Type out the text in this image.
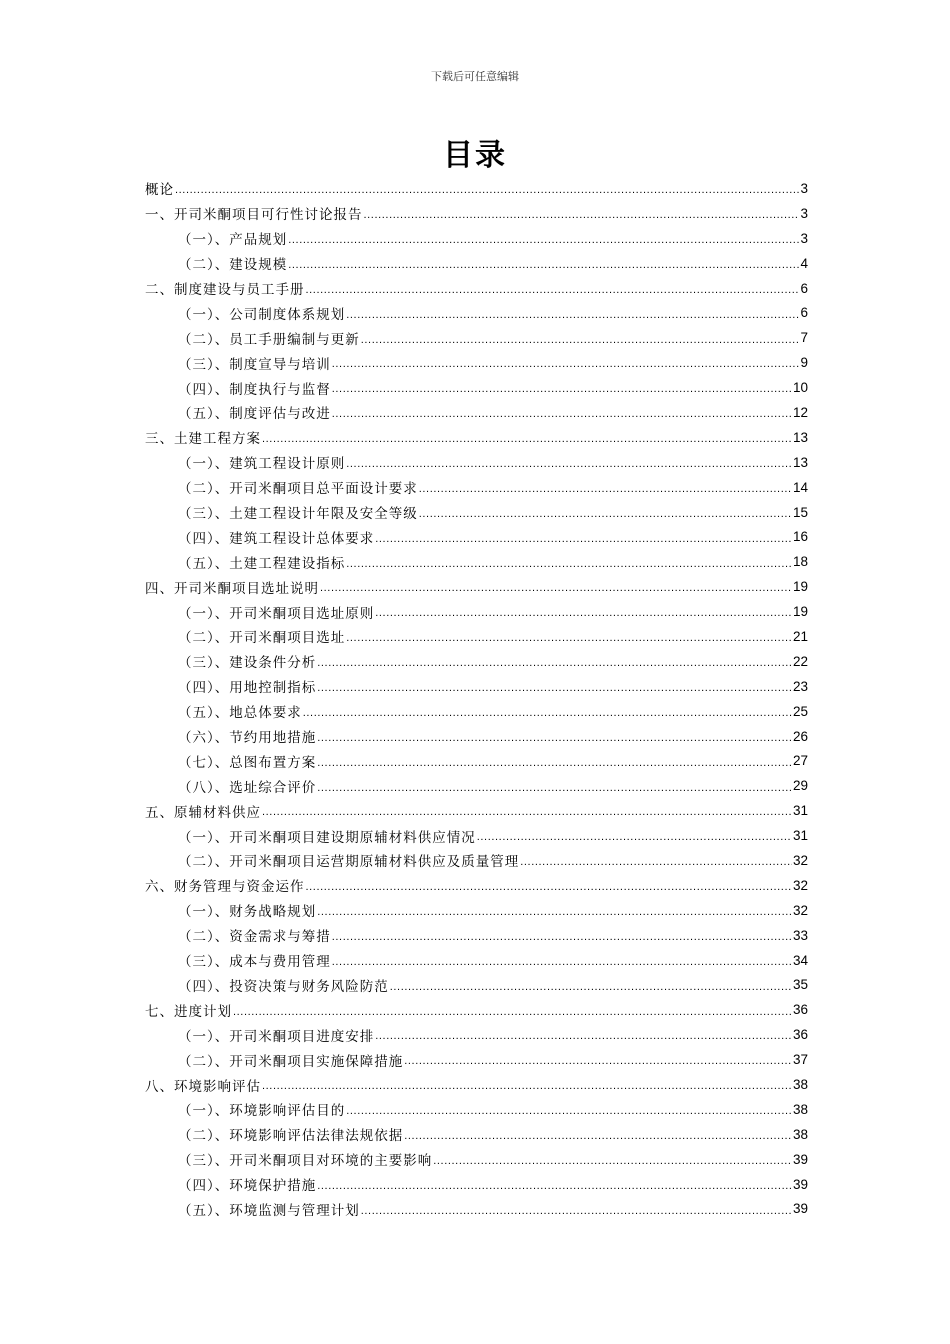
下载后可任意编辑
目录
概论 .....	3
一、开司米酮项目可行性讨论报告 .....	3
（一）、产品规划 .....	3
（二）、建设规模 .....	4
二、制度建设与员工手册 .....	6
（一）、公司制度体系规划 .....	6
（二）、员工手册编制与更新 .....	7
（三）、制度宣导与培训 .....	9
（四）、制度执行与监督 .....	10
（五）、制度评估与改进 .....	12
三、土建工程方案 .....	13
（一）、建筑工程设计原则 .....	13
（二）、开司米酮项目总平面设计要求 .....	14
（三）、土建工程设计年限及安全等级 .....	15
（四）、建筑工程设计总体要求 .....	16
（五）、土建工程建设指标 .....	18
四、开司米酮项目选址说明 .....	19
（一）、开司米酮项目选址原则 .....	19
（二）、开司米酮项目选址 .....	21
（三）、建设条件分析 .....	22
（四）、用地控制指标 .....	23
（五）、地总体要求 .....	25
（六）、节约用地措施 .....	26
（七）、总图布置方案 .....	27
（八）、选址综合评价 .....	29
五、原辅材料供应 .....	31
（一）、开司米酮项目建设期原辅材料供应情况 .....	31
（二）、开司米酮项目运营期原辅材料供应及质量管理 .....	32
六、财务管理与资金运作 .....	32
（一）、财务战略规划 .....	32
（二）、资金需求与筹措 .....	33
（三）、成本与费用管理 .....	34
（四）、投资决策与财务风险防范 .....	35
七、进度计划 .....	36
（一）、开司米酮项目进度安排 .....	36
（二）、开司米酮项目实施保障措施 .....	37
八、环境影响评估 .....	38
（一）、环境影响评估目的 .....	38
（二）、环境影响评估法律法规依据 .....	38
（三）、开司米酮项目对环境的主要影响 .....	39
（四）、环境保护措施 .....	39
（五）、环境监测与管理计划 .....	39
